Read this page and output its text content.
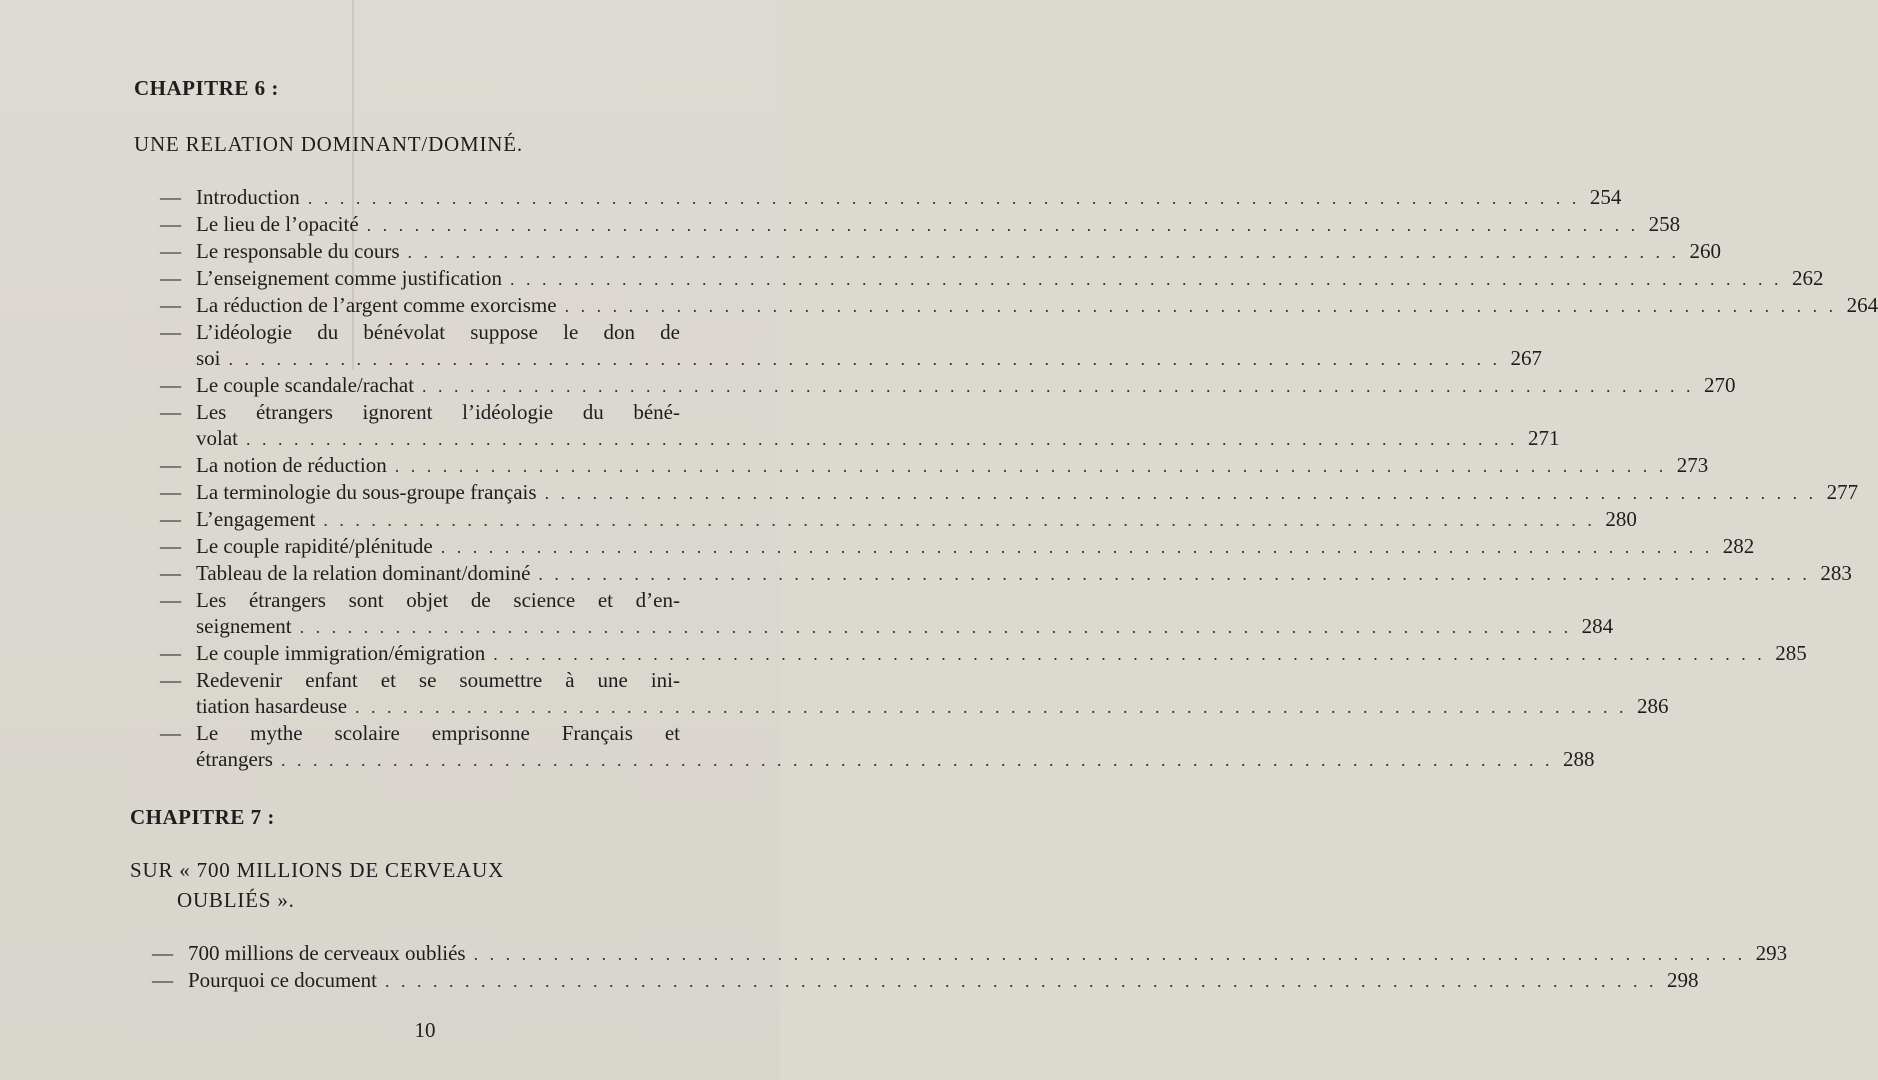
CHAPITRE 6 :
UNE RELATION DOMINANT/DOMINÉ.
— Introduction . . . . . . . . . . . . . . . . . . . . . . . . . . . . . . . . . . . . . . . . . . . . . . . . . . . . . . . . . . . . . . . . . . . . . . . . . . . . . . . . 254
— Le lieu de l’opacité . . . . . . . . . . . . . . . . . . . . . . . . . . . . . . . . . . . . . . . . . . . . . . . . . . . . . . . . . . . . . . . . . . . . . . . . . . . . . . . . 258
— Le responsable du cours . . . . . . . . . . . . . . . . . . . . . . . . . . . . . . . . . . . . . . . . . . . . . . . . . . . . . . . . . . . . . . . . . . . . . . . . . . . . . . . . 260
— L’enseignement comme justification . . . . . . . . . . . . . . . . . . . . . . . . . . . . . . . . . . . . . . . . . . . . . . . . . . . . . . . . . . . . . . . . . . . . . . . . . . . . . . . . 262
— La réduction de l’argent comme exorcisme . . . . . . . . . . . . . . . . . . . . . . . . . . . . . . . . . . . . . . . . . . . . . . . . . . . . . . . . . . . . . . . . . . . . . . . . . . . . . . . . 264
— L’idéologie du bénévolat suppose le don de
soi . . . . . . . . . . . . . . . . . . . . . . . . . . . . . . . . . . . . . . . . . . . . . . . . . . . . . . . . . . . . . . . . . . . . . . . . . . . . . . . . 267
— Le couple scandale/rachat . . . . . . . . . . . . . . . . . . . . . . . . . . . . . . . . . . . . . . . . . . . . . . . . . . . . . . . . . . . . . . . . . . . . . . . . . . . . . . . . 270
— Les étrangers ignorent l’idéologie du béné-
volat . . . . . . . . . . . . . . . . . . . . . . . . . . . . . . . . . . . . . . . . . . . . . . . . . . . . . . . . . . . . . . . . . . . . . . . . . . . . . . . . 271
— La notion de réduction . . . . . . . . . . . . . . . . . . . . . . . . . . . . . . . . . . . . . . . . . . . . . . . . . . . . . . . . . . . . . . . . . . . . . . . . . . . . . . . . 273
— La terminologie du sous-groupe français . . . . . . . . . . . . . . . . . . . . . . . . . . . . . . . . . . . . . . . . . . . . . . . . . . . . . . . . . . . . . . . . . . . . . . . . . . . . . . . . 277
— L’engagement . . . . . . . . . . . . . . . . . . . . . . . . . . . . . . . . . . . . . . . . . . . . . . . . . . . . . . . . . . . . . . . . . . . . . . . . . . . . . . . . 280
— Le couple rapidité/plénitude . . . . . . . . . . . . . . . . . . . . . . . . . . . . . . . . . . . . . . . . . . . . . . . . . . . . . . . . . . . . . . . . . . . . . . . . . . . . . . . . 282
— Tableau de la relation dominant/dominé . . . . . . . . . . . . . . . . . . . . . . . . . . . . . . . . . . . . . . . . . . . . . . . . . . . . . . . . . . . . . . . . . . . . . . . . . . . . . . . . 283
— Les étrangers sont objet de science et d’en-
seignement . . . . . . . . . . . . . . . . . . . . . . . . . . . . . . . . . . . . . . . . . . . . . . . . . . . . . . . . . . . . . . . . . . . . . . . . . . . . . . . . 284
— Le couple immigration/émigration . . . . . . . . . . . . . . . . . . . . . . . . . . . . . . . . . . . . . . . . . . . . . . . . . . . . . . . . . . . . . . . . . . . . . . . . . . . . . . . . 285
— Redevenir enfant et se soumettre à une ini-
tiation hasardeuse . . . . . . . . . . . . . . . . . . . . . . . . . . . . . . . . . . . . . . . . . . . . . . . . . . . . . . . . . . . . . . . . . . . . . . . . . . . . . . . . 286
— Le mythe scolaire emprisonne Français et
étrangers . . . . . . . . . . . . . . . . . . . . . . . . . . . . . . . . . . . . . . . . . . . . . . . . . . . . . . . . . . . . . . . . . . . . . . . . . . . . . . . . 288
CHAPITRE 7 :
SUR « 700 MILLIONS DE CERVEAUX
OUBLIÉS ».
— 700 millions de cerveaux oubliés . . . . . . . . . . . . . . . . . . . . . . . . . . . . . . . . . . . . . . . . . . . . . . . . . . . . . . . . . . . . . . . . . . . . . . . . . . . . . . . . 293
— Pourquoi ce document . . . . . . . . . . . . . . . . . . . . . . . . . . . . . . . . . . . . . . . . . . . . . . . . . . . . . . . . . . . . . . . . . . . . . . . . . . . . . . . . 298
10
